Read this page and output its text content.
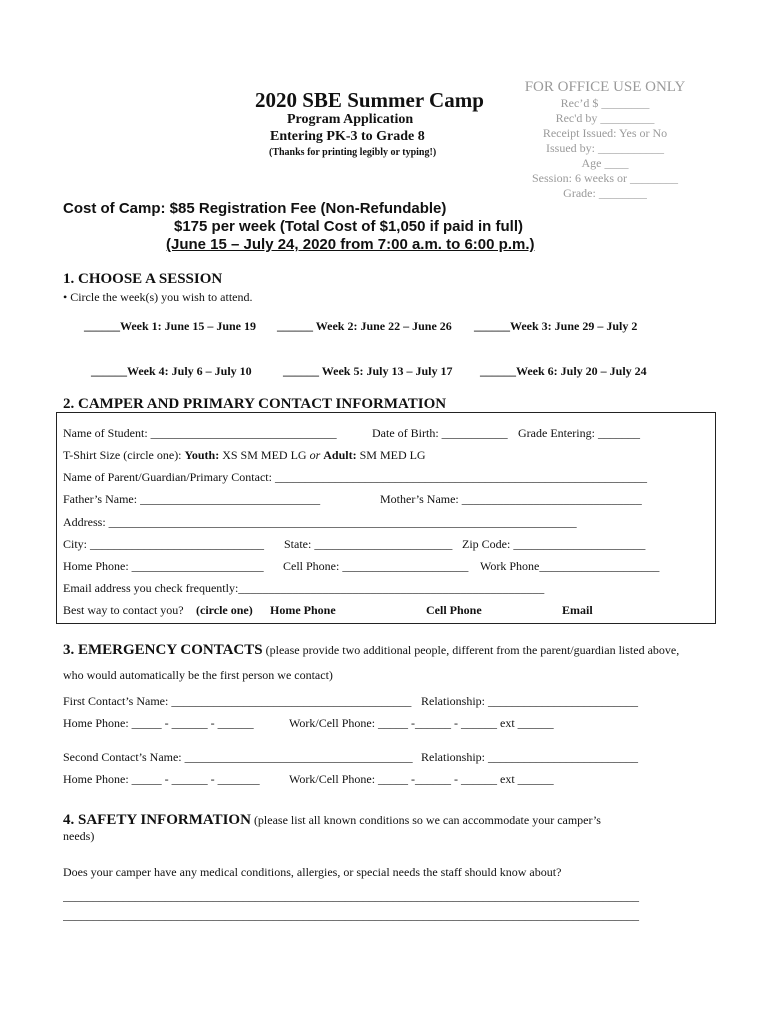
2020 SBE Summer Camp
Program Application
Entering PK-3 to Grade 8
(Thanks for printing legibly or typing!)
FOR OFFICE USE ONLY
Rec’d $ ________
Rec'd by _________
Receipt Issued: Yes or No
Issued by: ___________
Age ____
Session: 6 weeks or ________
Grade: ________
Cost of Camp: $85 Registration Fee (Non-Refundable)
$175 per week (Total Cost of $1,050 if paid in full)
(June 15 – July 24, 2020 from 7:00 a.m. to 6:00 p.m.)
1. CHOOSE A SESSION
• Circle the week(s) you wish to attend.
______Week 1: June 15 – June 19 ______ Week 2: June 22 – June 26 ______Week 3: June 29 – July 2
______Week 4: July 6 – July 10	______ Week 5: July 13 – July 17 ______Week 6: July 20 – July 24
2. CAMPER AND PRIMARY CONTACT INFORMATION
Name of Student: _______________________________	Date of Birth: ___________ Grade Entering: _______
T-Shirt Size (circle one): Youth: XS SM MED LG or Adult: SM MED LG
Name of Parent/Guardian/Primary Contact: ______________________________________________________________
Father’s Name: ______________________________	Mother’s Name: ______________________________
Address: ______________________________________________________________________________
City: _____________________________ State: _______________________ Zip Code: ______________________
Home Phone: ______________________ Cell Phone: _____________________ Work Phone____________________
Email address you check frequently:___________________________________________________
Best way to contact you? (circle one) Home Phone	Cell Phone	Email
3. EMERGENCY CONTACTS (please provide two additional people, different from the parent/guardian listed above,
who would automatically be the first person we contact)
First Contact’s Name: ________________________________________ Relationship: _________________________
Home Phone: _____ - ______ - ______	Work/Cell Phone: _____ -______ - ______ ext ______
Second Contact’s Name: ______________________________________ Relationship: _________________________
Home Phone: _____ - ______ - _______ Work/Cell Phone: _____ -______ - ______ ext ______
4. SAFETY INFORMATION (please list all known conditions so we can accommodate your camper’s
needs)
Does your camper have any medical conditions, allergies, or special needs the staff should know about?
________________________________________________________________________________________________
________________________________________________________________________________________________
